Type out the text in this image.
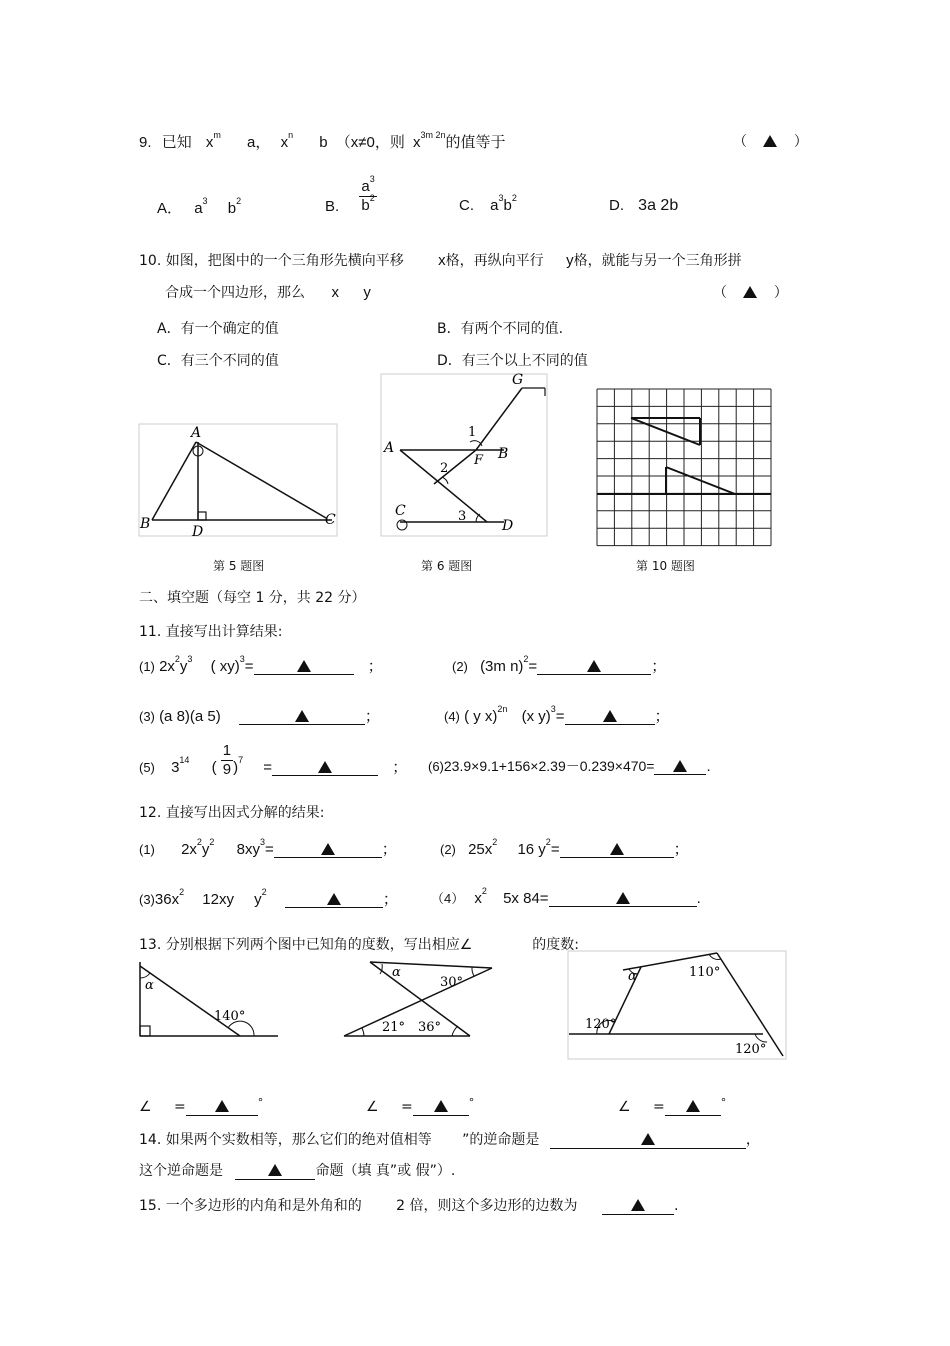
9. 已知 $x^m$ a， $x^n$ b （x≠0，则 $x^{3m 2n}$的值等于	（	）
A． $a^3$ $b^2$	B. $\frac{a^3}{b^2}$	C. $a^3b^2$	D. 3a 2b
10. 如图，把图中的一个三角形先横向平移 x格，再纵向平行 y格，就能与另一个三角形拼
合成一个四边形，那么 x y	（	）
A．有一个确定的值	B．有两个不同的值.
C．有三个不同的值	D．有三个以上不同的值
A
B	C
D
第 5 题图
G
1
A	B
F
2
C	3
D
第 6 题图	第 10 题图
二、填空题（每空 1 分，共 22 分）
11. 直接写出计算结果:
(1) $2x^2y^3$ ( xy)$^3$=	；	(2) (3m n)$^2$=	；
(3) (a 8)(a 5)	；	(4) ( y x)$^{2n}$ (x y)$^3$=	；
(5) $3^{14}$ ( $\frac{1}{9} )^7$ =	； (6)23.9×9.1+156×2.39－0.239×470=	.
12. 直接写出因式分解的结果:
(1) $2x^2y^2$ $8xy^3=$	；	(2) $25x^2$ 16 $y^2=$	；
$(3)36x^2$ 12xy $y^2$	；	（4） $x^2$ 5x 84=	.
13. 分别根据下列两个图中已知角的度数，写出相应∠	的度数:
α
140°
α
30°
21° 36°
α	110°
120°
120°
∠ =	°	∠ =	°	∠ =	°
14. 如果两个实数相等，那么它们的绝对值相等 ”的逆命题是	，
这个逆命题是	命题（填 真”或 假”）.
15. 一个多边形的内角和是外角和的 2 倍，则这个多边形的边数为	.
